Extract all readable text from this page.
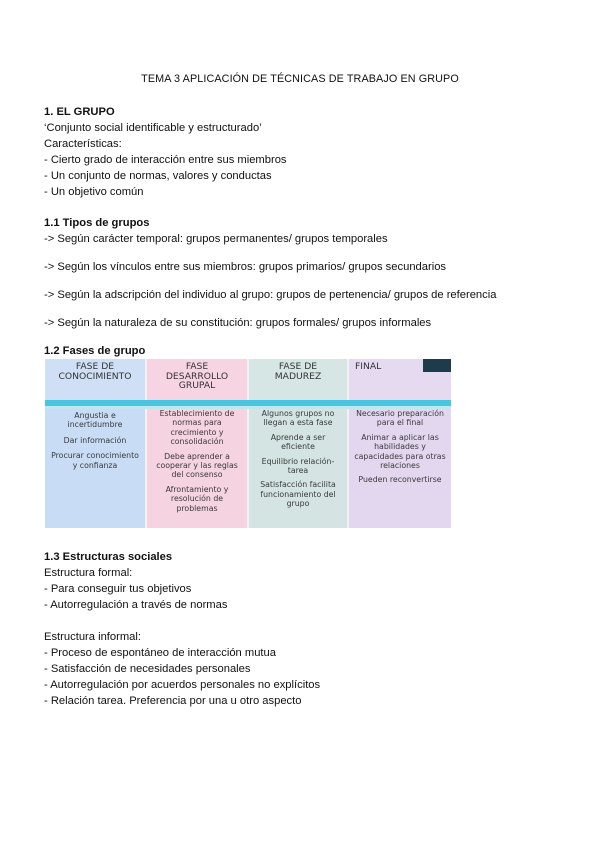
TEMA 3 APLICACIÓN DE TÉCNICAS DE TRABAJO EN GRUPO
1. EL GRUPO
‘Conjunto social identificable y estructurado’
Características:
- Cierto grado de interacción entre sus miembros
- Un conjunto de normas, valores y conductas
- Un objetivo común
1.1 Tipos de grupos
-> Según carácter temporal: grupos permanentes/ grupos temporales
-> Según los vínculos entre sus miembros: grupos primarios/ grupos secundarios
-> Según la adscripción del individuo al grupo: grupos de pertenencia/ grupos de referencia
-> Según la naturaleza de su constitución: grupos formales/ grupos informales
1.2 Fases de grupo
FASE DE
CONOCIMIENTO
FASE
DESARROLLO
GRUPAL
FASE DE
MADUREZ
FINAL

Angustia e incertidumbre

Dar información

Procurar conocimiento y confianza

Establecimiento de normas para crecimiento y consolidación

Debe aprender a cooperar y las reglas del consenso

Afrontamiento y resolución de problemas

Algunos grupos no llegan a esta fase

Aprende a ser eficiente

Equilibrio relación-tarea

Satisfacción facilita funcionamiento del grupo

Necesario preparación para el final

Animar a aplicar las habilidades y capacidades para otras relaciones

Pueden reconvertirse

1.3 Estructuras sociales
Estructura formal:
- Para conseguir tus objetivos
- Autorregulación a través de normas
Estructura informal:
- Proceso de espontáneo de interacción mutua
- Satisfacción de necesidades personales
- Autorregulación por acuerdos personales no explícitos
- Relación tarea. Preferencia por una u otro aspecto
